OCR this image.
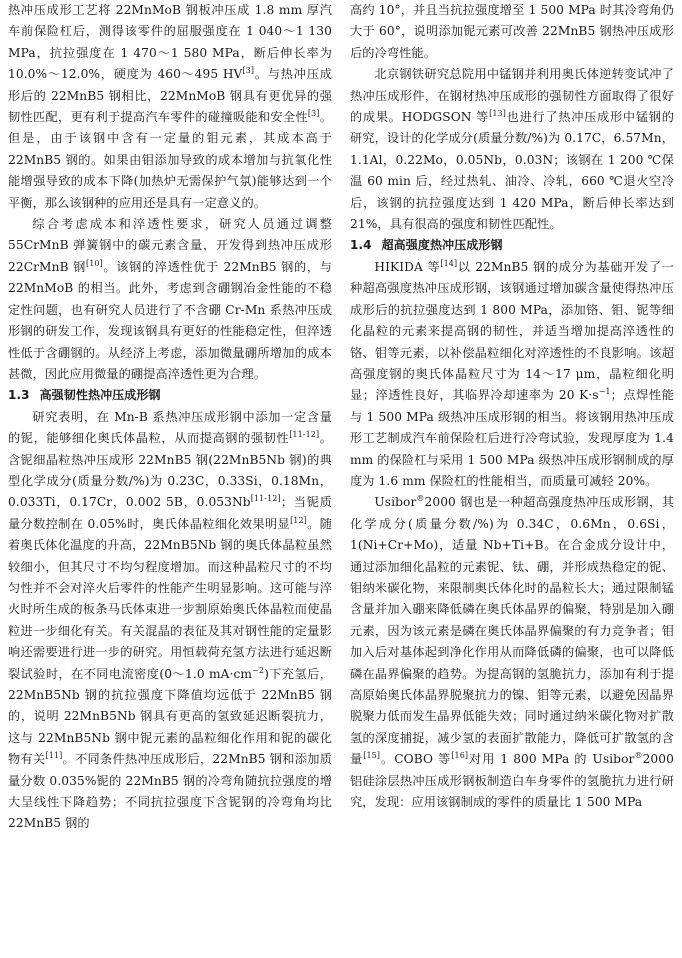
热冲压成形工艺将 22MnMoB 钢板冲压成 1.8 mm 厚汽车前保险杠后，测得该零件的屈服强度在 1 040～1 130 MPa，抗拉强度在 1 470～1 580 MPa，断后伸长率为 10.0%～12.0%，硬度为 460～495 HV[3]。与热冲压成形后的 22MnB5 钢相比，22MnMoB 钢具有更优异的强韧性匹配，更有利于提高汽车零件的碰撞吸能和安全性[3]。但是，由于该钢中含有一定量的钼元素，其成本高于 22MnB5 钢的。如果由钼添加导致的成本增加与抗氧化性能增强导致的成本下降(加热炉无需保护气氛)能够达到一个平衡，那么该钢种的应用还是具有一定意义的。

综合考虑成本和淬透性要求，研究人员通过调整 55CrMnB 弹簧钢中的碳元素含量，开发得到热冲压成形 22CrMnB 钢[10]。该钢的淬透性优于 22MnB5 钢的，与 22MnMoB 的相当。此外，考虑到含硼钢冶金性能的不稳定性问题，也有研究人员进行了不含硼 Cr-Mn 系热冲压成形钢的研发工作，发现该钢具有更好的性能稳定性，但淬透性低于含硼钢的。从经济上考虑，添加微量硼所增加的成本甚微，因此应用微量的硼提高淬透性更为合理。

1.3 高强韧性热冲压成形钢

研究表明，在 Mn-B 系热冲压成形钢中添加一定含量的铌，能够细化奥氏体晶粒，从而提高钢的强韧性[11-12]。含铌细晶粒热冲压成形 22MnB5 钢(22MnB5Nb 钢)的典型化学成分(质量分数/%)为 0.23C，0.33Si，0.18Mn，0.033Ti，0.17Cr，0.002 5B，0.053Nb[11-12]；当铌质量分数控制在 0.05%时，奥氏体晶粒细化效果明显[12]。随着奥氏体化温度的升高，22MnB5Nb 钢的奥氏体晶粒虽然较细小，但其尺寸不均匀程度增加。而这种晶粒尺寸的不均匀性并不会对淬火后零件的性能产生明显影响。这可能与淬火时所生成的板条马氏体束进一步割原始奥氏体晶粒而使晶粒进一步细化有关。有关混晶的表征及其对钢性能的定量影响还需要进行进一步的研究。用恒载荷充氢方法进行延迟断裂试验时，在不同电流密度(0～1.0 $mA\cdot cm^{-2}$)下充氢后，22MnB5Nb 钢的抗拉强度下降值均远低于 22MnB5 钢的，说明 22MnB5Nb 钢具有更高的氢致延迟断裂抗力，这与 22MnB5Nb 钢中铌元素的晶粒细化作用和铌的碳化物有关[11]。不同条件热冲压成形后，22MnB5 钢和添加质量分数 0.035%铌的 22MnB5 钢的冷弯角随抗拉强度的增大呈线性下降趋势；不同抗拉强度下含铌钢的冷弯角均比 22MnB5 钢的

高约 10°，并且当抗拉强度增至 1 500 MPa 时其冷弯角仍大于 60°，说明添加铌元素可改善 22MnB5 钢热冲压成形后的冷弯性能。

北京钢铁研究总院用中锰钢并利用奥氏体逆转变试冲了热冲压成形件，在钢材热冲压成形的强韧性方面取得了很好的成果。HODGSON 等[13]也进行了热冲压成形中锰钢的研究，设计的化学成分(质量分数/%)为 0.17C，6.57Mn，1.1Al，0.22Mo，0.05Nb，0.03N；该钢在 1 200 ℃保温 60 min 后，经过热轧、油冷、冷轧，660 ℃退火空冷后，该钢的抗拉强度达到 1 420 MPa，断后伸长率达到 21%，具有很高的强度和韧性匹配性。

1.4 超高强度热冲压成形钢

HIKIDA 等[14]以 22MnB5 钢的成分为基础开发了一种超高强度热冲压成形钢，该钢通过增加碳含量使得热冲压成形后的抗拉强度达到 1 800 MPa，添加铬、钼、铌等细化晶粒的元素来提高钢的韧性，并适当增加提高淬透性的铬、钼等元素，以补偿晶粒细化对淬透性的不良影响。该超高强度钢的奥氏体晶粒尺寸为 14～17 μm，晶粒细化明显；淬透性良好，其临界冷却速率为 20 $K\cdot s^{-1}$；点焊性能与 1 500 MPa 级热冲压成形钢的相当。将该钢用热冲压成形工艺制成汽车前保险杠后进行冷弯试验，发现厚度为 1.4 mm 的保险杠与采用 1 500 MPa 级热冲压成形钢制成的厚度为 1.6 mm 保险杠的性能相当，而质量可减轻 20%。

Usibor®2000 钢也是一种超高强度热冲压成形钢，其化学成分(质量分数/%)为 0.34C，0.6Mn，0.6Si，1(Ni+Cr+Mo)，适量 Nb+Ti+B。在合金成分设计中，通过添加细化晶粒的元素铌、钛、硼，并形成热稳定的铌、钼纳米碳化物，来限制奥氏体化时的晶粒长大；通过限制锰含量并加入硼来降低磷在奥氏体晶界的偏聚，特别是加入硼元素，因为该元素是磷在奥氏体晶界偏聚的有力竞争者；钼加入后对基体起到净化作用从而降低磷的偏聚，也可以降低磷在晶界偏聚的趋势。为提高钢的氢脆抗力，添加有利于提高原始奥氏体晶界脱聚抗力的镍、钼等元素，以避免因晶界脱聚力低而发生晶界低能失效；同时通过纳米碳化物对扩散氢的深度捕捉，减少氢的表面扩散能力，降低可扩散氢的含量[15]。COBO 等[16]对用 1 800 MPa 的 Usibor®2000 铝硅涂层热冲压成形钢板制造白车身零件的氢脆抗力进行研究，发现：应用该钢制成的零件的质量比 1 500 MPa
